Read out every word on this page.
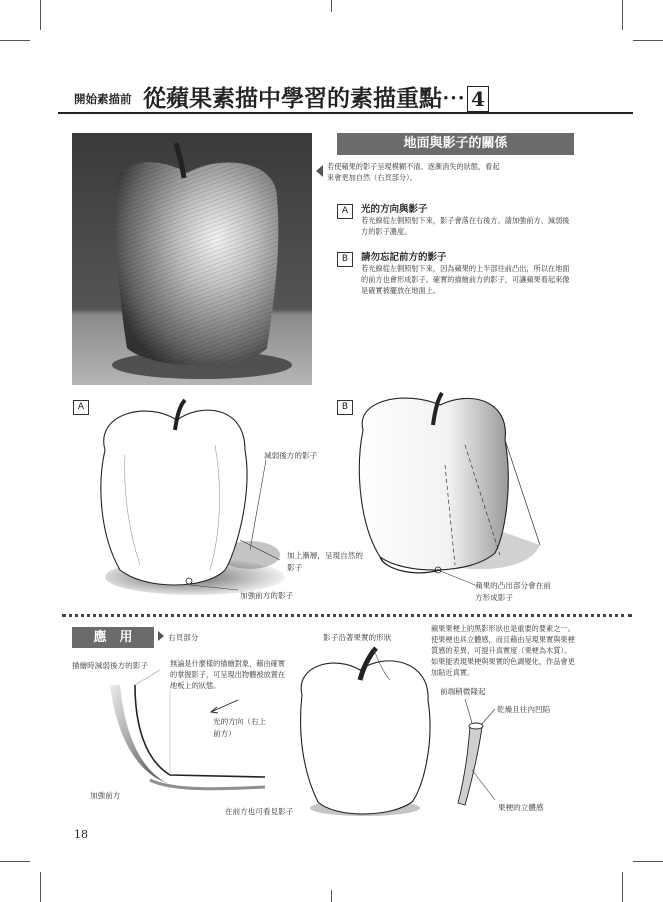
開始素描前 從蘋果素描中學習的素描重點⋯ 4
地面與影子的關係
若使蘋果的影子呈現模糊不清、逐漸消失的狀態，看起來會更加自然（右頁部分）。
A	光的方向與影子
若光線從左側照射下來，影子會落在右後方。請加強前方、減弱後方的影子濃度。
B	請勿忘記前方的影子
若光線從左側照射下來，因為蘋果的上半部往前凸出，所以在地面的前方也會形成影子。確實的描繪前方的影子，可讓蘋果看起來像是確實被擺放在地面上。
A
減弱後方的影子
加上漸層，呈現自然的影子
加強前方的影子
B
蘋果的凸出部分會在前方形成影子
應　用	右頁部分
描繪時減弱後方的影子	無論是什麼樣的描繪對象，藉由確實的掌握影子，可呈現出物體被放置在地板上的狀態。
光的方向（右上前方）
加強前方
在前方也可看見影子
影子沿著果實的形狀
蘋果果梗上的黑影形狀也是重要的要素之一。使果梗也具立體感，而且藉由呈現果實與果梗質感的差異，可提升真實度（果梗為木質）。如果能表現果梗與果實的色調變化，作品會更加貼近真實。
前端稍微隆起
乾燥且往內凹陷
果梗的立體感
18
